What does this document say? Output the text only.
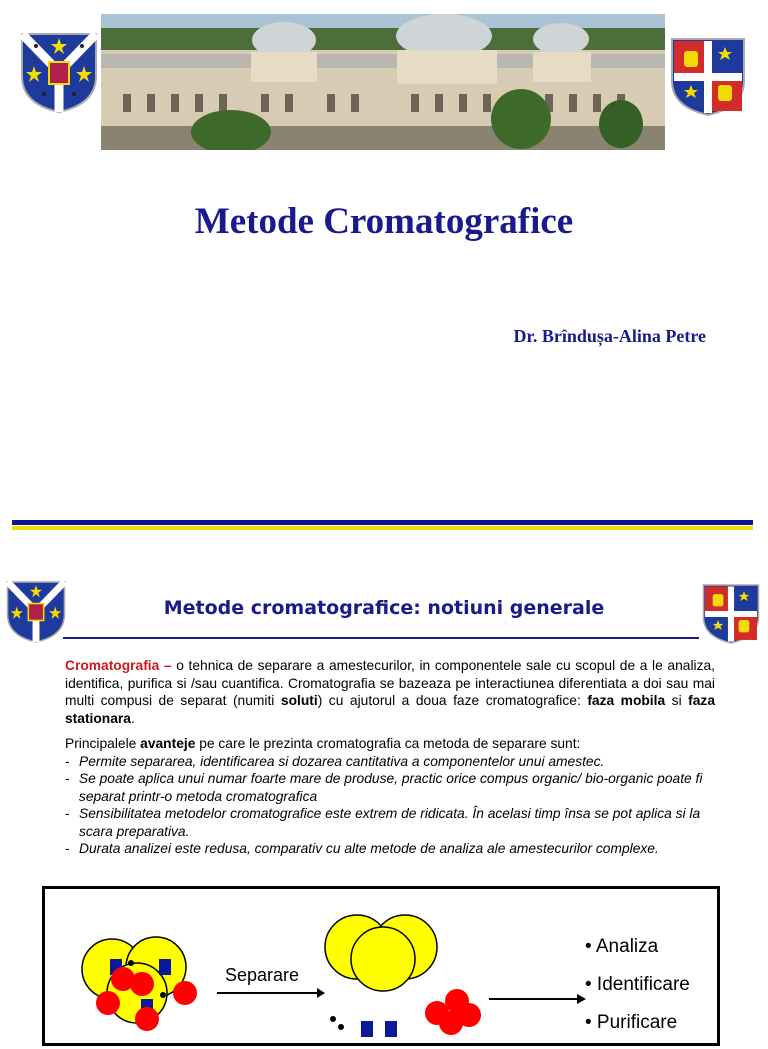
Metode Cromatografice
Dr. Brîndușa-Alina Petre
Metode cromatografice: notiuni generale
Cromatografia – o tehnica de separare a amestecurilor, in componentele sale cu scopul de a le analiza, identifica, purifica si /sau cuantifica. Cromatografia se bazeaza pe interactiunea diferentiata a doi sau mai multi compusi de separat (numiti soluti) cu ajutorul a doua faze cromatografice: faza mobila si faza stationara.
Principalele avanteje pe care le prezinta cromatografia ca metoda de separare sunt:
- Permite separarea, identificarea si dozarea cantitativa a componentelor unui amestec.
- Se poate aplica unui numar foarte mare de produse, practic orice compus organic/ bio-organic poate fi separat printr-o metoda cromatografica
- Sensibilitatea metodelor cromatografice este extrem de ridicata. În acelasi timp însa se pot aplica si la scara preparativa.
- Durata analizei este redusa, comparativ cu alte metode de analiza ale amestecurilor complexe.
Separare
• Analiza
• Identificare
• Purificare
